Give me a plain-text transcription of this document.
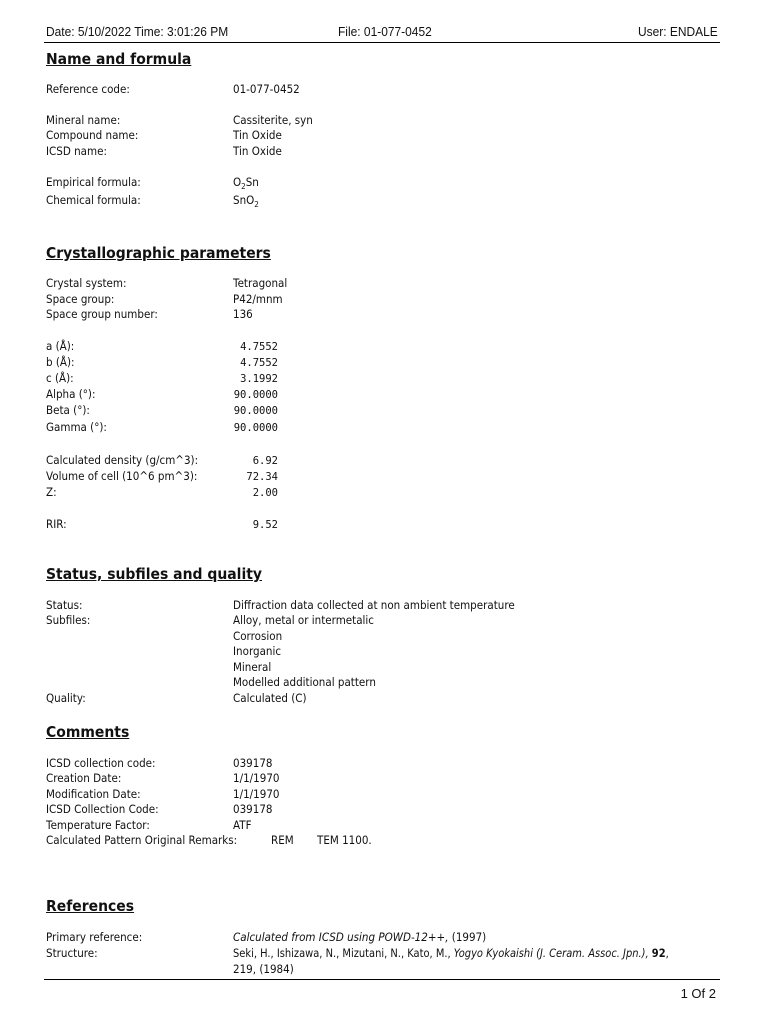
Date: 5/10/2022 Time: 3:01:26 PM	File: 01-077-0452	User: ENDALE
Name and formula
Reference code:	01-077-0452
Mineral name:	Cassiterite, syn
Compound name:	Tin Oxide
ICSD name:	Tin Oxide
Empirical formula:	$O_2Sn$
Chemical formula:	SnO$_2$
Crystallographic parameters
Crystal system:	Tetragonal
Space group:	P42/mnm
Space group number:	136
a (Å):	4.7552
b (Å):	4.7552
c (Å):	3.1992
Alpha (°):	90.0000
Beta (°):	90.0000
Gamma (°):	90.0000
Calculated density (g/cm^3):	6.92
Volume of cell (10^6 pm^3):	72.34
Z:	2.00
RIR:	9.52
Status, subfiles and quality
Status:	Diffraction data collected at non ambient temperature
Subfiles:	Alloy, metal or intermetalic
Corrosion
Inorganic
Mineral
Modelled additional pattern
Quality:	Calculated (C)
Comments
ICSD collection code:	039178
Creation Date:	1/1/1970
Modification Date:	1/1/1970
ICSD Collection Code:	039178
Temperature Factor:	ATF
Calculated Pattern Original Remarks:	REM TEM 1100.
References
Primary reference:	Calculated from ICSD using POWD-12++, (1997)
Structure:	Seki, H., Ishizawa, N., Mizutani, N., Kato, M., Yogyo Kyokaishi (J. Ceram. Assoc. Jpn.), 92,
219, (1984)
1 Of 2
